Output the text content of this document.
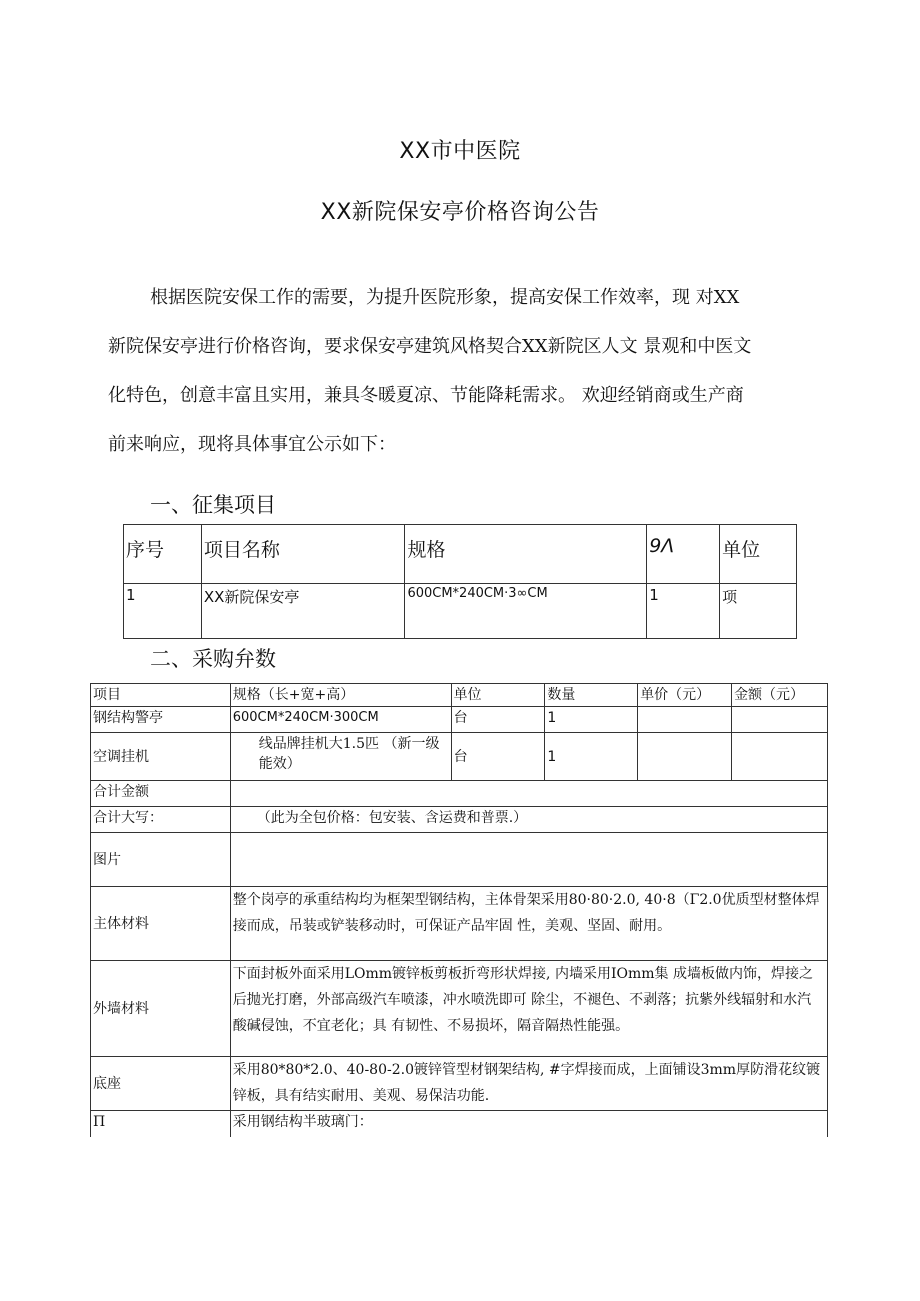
XX市中医院
XX新院保安亭价格咨询公告

根据医院安保工作的需要，为提升医院形象，提高安保工作效率，现 对XX

新院保安亭进行价格咨询，要求保安亭建筑风格契合XX新院区人文 景观和中医文

化特色，创意丰富且实用，兼具冬暖夏凉、节能降耗需求。 欢迎经销商或生产商

前来响应，现将具体事宜公示如下：

一、征集项目
序号	项目名称	规格	9Λ	单位
1	XX新院保安亭	600CM*240CM·3∞CM	1	项
二、采购弁数
项目	规格（长+宽+高）	单位	数量	单价（元）	金额（元）
钢结构警亭	600CM*240CM·300CM	台	1		
空调挂机	线品牌挂机大1.5匹 （新一级能效）	台	1		
合计金额					
合计大写：	（此为全包价格：包安装、含运费和普票.）				
图片					
主体材料	整个岗亭的承重结构均为框架型钢结构，主体骨架采用80·80·2.0, 40·8（Γ2.0优质型材整体焊接而成，吊装或铲装移动时，可保证产品牢固 性，美观、坚固、耐用。				
外墙材料	下面封板外面采用LOmm镀锌板剪板折弯形状焊接, 内墙采用IOmm集 成墙板做内饰，焊接之后抛光打磨，外部高级汽车喷漆，冲水喷洗即可 除尘，不褪色、不剥落；抗紫外线辐射和水汽酸碱侵蚀，不宜老化；具 有韧性、不易损坏，隔音隔热性能强。				
底座	采用80*80*2.0、40-80-2.0镀锌管型材钢架结构, #字焊接而成，上面铺设3mm厚防滑花纹镀锌板，具有结实耐用、美观、易保洁功能.				
Π	采用钢结构半玻璃门：				
